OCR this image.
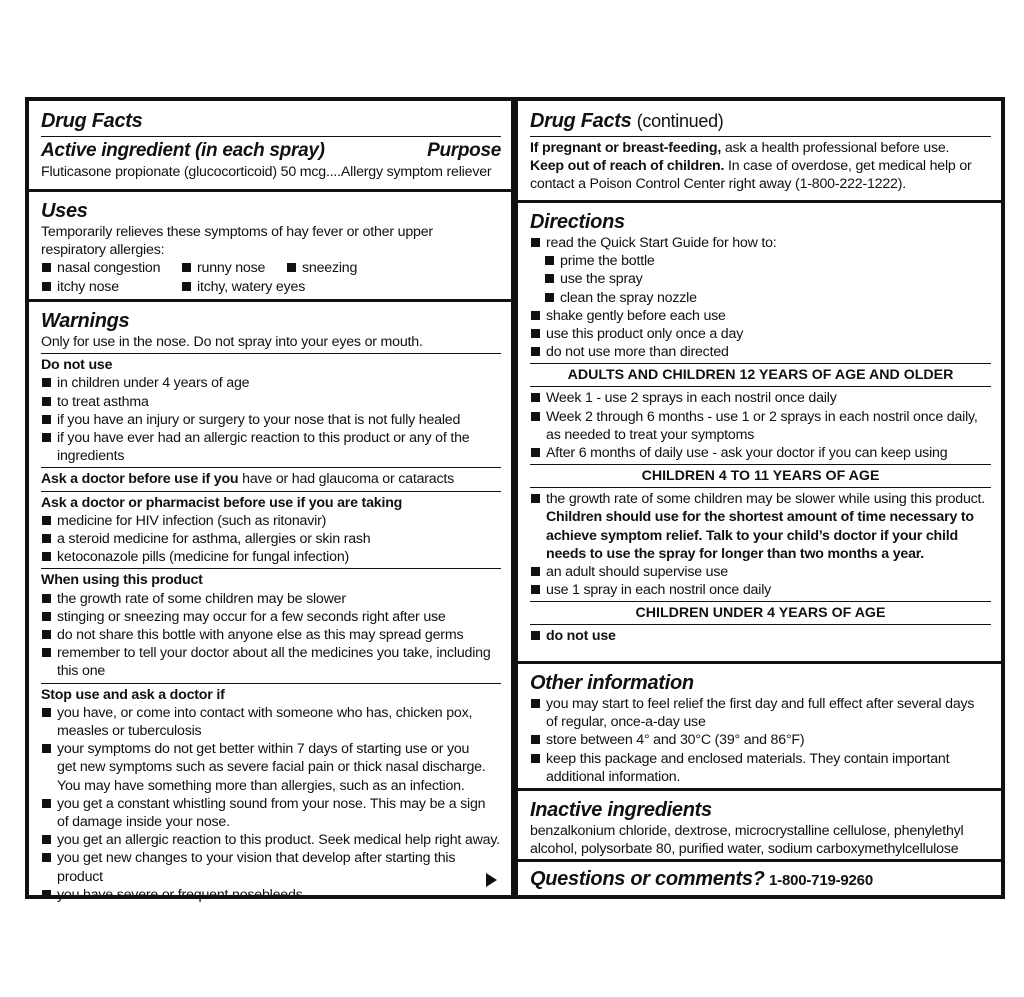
Drug Facts
Active ingredient (in each spray)	Purpose
Fluticasone propionate (glucocorticoid) 50 mcg....Allergy symptom reliever
Uses
Temporarily relieves these symptoms of hay fever or other upper
respiratory allergies:
nasal congestion	runny nose	sneezing
itchy nose	itchy, watery eyes
Warnings
Only for use in the nose. Do not spray into your eyes or mouth.
Do not use
in children under 4 years of age
to treat asthma
if you have an injury or surgery to your nose that is not fully healed
if you have ever had an allergic reaction to this product or any of the
ingredients
Ask a doctor before use if you have or had glaucoma or cataracts
Ask a doctor or pharmacist before use if you are taking
medicine for HIV infection (such as ritonavir)
a steroid medicine for asthma, allergies or skin rash
ketoconazole pills (medicine for fungal infection)
When using this product
the growth rate of some children may be slower
stinging or sneezing may occur for a few seconds right after use
do not share this bottle with anyone else as this may spread germs
remember to tell your doctor about all the medicines you take, including
this one
Stop use and ask a doctor if
you have, or come into contact with someone who has, chicken pox,
measles or tuberculosis
your symptoms do not get better within 7 days of starting use or you
get new symptoms such as severe facial pain or thick nasal discharge.
You may have something more than allergies, such as an infection.
you get a constant whistling sound from your nose. This may be a sign
of damage inside your nose.
you get an allergic reaction to this product. Seek medical help right away.
you get new changes to your vision that develop after starting this product
you have severe or frequent nosebleeds
Drug Facts (continued)
If pregnant or breast-feeding, ask a health professional before use.
Keep out of reach of children. In case of overdose, get medical help or
contact a Poison Control Center right away (1-800-222-1222).
Directions
read the Quick Start Guide for how to:
prime the bottle
use the spray
clean the spray nozzle
shake gently before each use
use this product only once a day
do not use more than directed
ADULTS AND CHILDREN 12 YEARS OF AGE AND OLDER
Week 1 - use 2 sprays in each nostril once daily
Week 2 through 6 months - use 1 or 2 sprays in each nostril once daily,
as needed to treat your symptoms
After 6 months of daily use - ask your doctor if you can keep using
CHILDREN 4 TO 11 YEARS OF AGE
the growth rate of some children may be slower while using this product.
Children should use for the shortest amount of time necessary to
achieve symptom relief. Talk to your child’s doctor if your child
needs to use the spray for longer than two months a year.
an adult should supervise use
use 1 spray in each nostril once daily
CHILDREN UNDER 4 YEARS OF AGE
do not use
Other information
you may start to feel relief the first day and full effect after several days
of regular, once-a-day use
store between 4° and 30°C (39° and 86°F)
keep this package and enclosed materials. They contain important
additional information.
Inactive ingredients
benzalkonium chloride, dextrose, microcrystalline cellulose, phenylethyl
alcohol, polysorbate 80, purified water, sodium carboxymethylcellulose
Questions or comments? 1-800-719-9260
